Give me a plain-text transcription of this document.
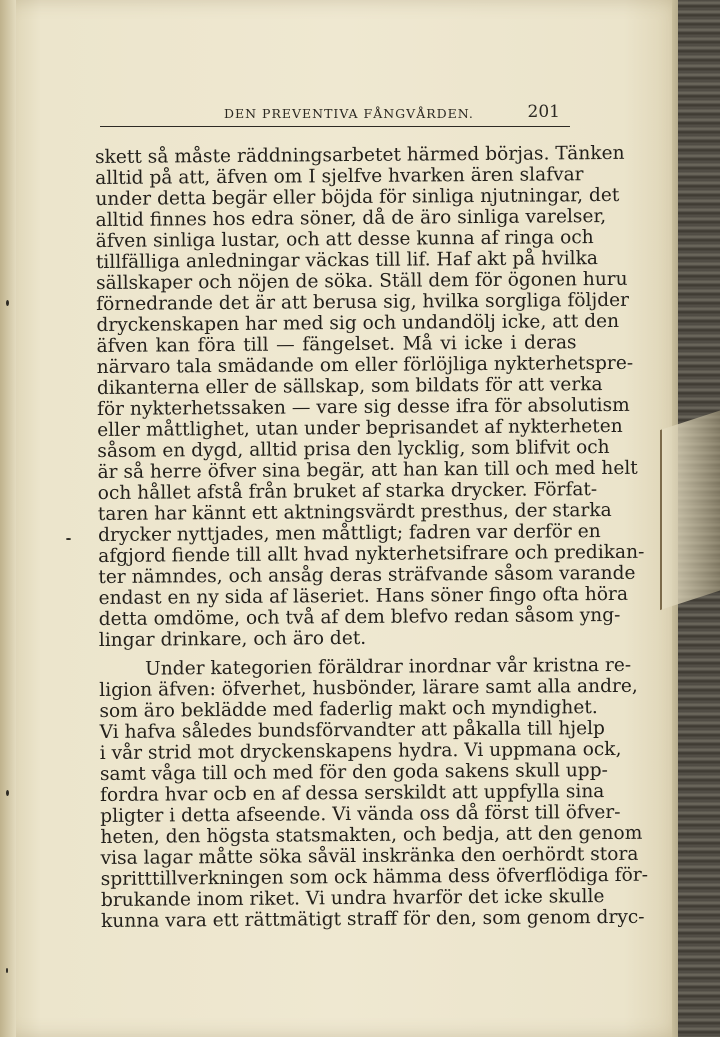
DEN PREVENTIVA FÅNGVÅRDEN.	201
skett så måste räddningsarbetet härmed börjas. Tänken
alltid på att, äfven om I sjelfve hvarken ären slafvar
under detta begär eller böjda för sinliga njutningar, det
alltid finnes hos edra söner, då de äro sinliga varelser,
äfven sinliga lustar, och att desse kunna af ringa och
tillfälliga anledningar väckas till lif. Haf akt på hvilka
sällskaper och nöjen de söka. Ställ dem för ögonen huru
förnedrande det är att berusa sig, hvilka sorgliga följder
dryckenskapen har med sig och undandölj icke, att den
äfven kan föra till — fängelset. Må vi icke i deras
närvaro tala smädande om eller förlöjliga nykterhetspre-
dikanterna eller de sällskap, som bildats för att verka
för nykterhetssaken — vare sig desse ifra för absolutism
eller måttlighet, utan under beprisandet af nykterheten
såsom en dygd, alltid prisa den lycklig, som blifvit och
är så herre öfver sina begär, att han kan till och med helt
och hållet afstå från bruket af starka drycker. Förfat-
taren har kännt ett aktningsvärdt presthus, der starka
drycker nyttjades, men måttligt; fadren var derför en
afgjord fiende till allt hvad nykterhetsifrare och predikan-
ter nämndes, och ansåg deras sträfvande såsom varande
endast en ny sida af läseriet. Hans söner fingo ofta höra
detta omdöme, och två af dem blefvo redan såsom yng-
lingar drinkare, och äro det.
Under kategorien föräldrar inordnar vår kristna re-
ligion äfven: öfverhet, husbönder, lärare samt alla andre,
som äro beklädde med faderlig makt och myndighet.
Vi hafva således bundsförvandter att påkalla till hjelp
i vår strid mot dryckenskapens hydra. Vi uppmana ock,
samt våga till och med för den goda sakens skull upp-
fordra hvar ocb en af dessa serskildt att uppfylla sina
pligter i detta afseende. Vi vända oss då först till öfver-
heten, den högsta statsmakten, och bedja, att den genom
visa lagar måtte söka såväl inskränka den oerhördt stora
spritttillverkningen som ock hämma dess öfverflödiga för-
brukande inom riket. Vi undra hvarför det icke skulle
kunna vara ett rättmätigt straff för den, som genom dryc-
